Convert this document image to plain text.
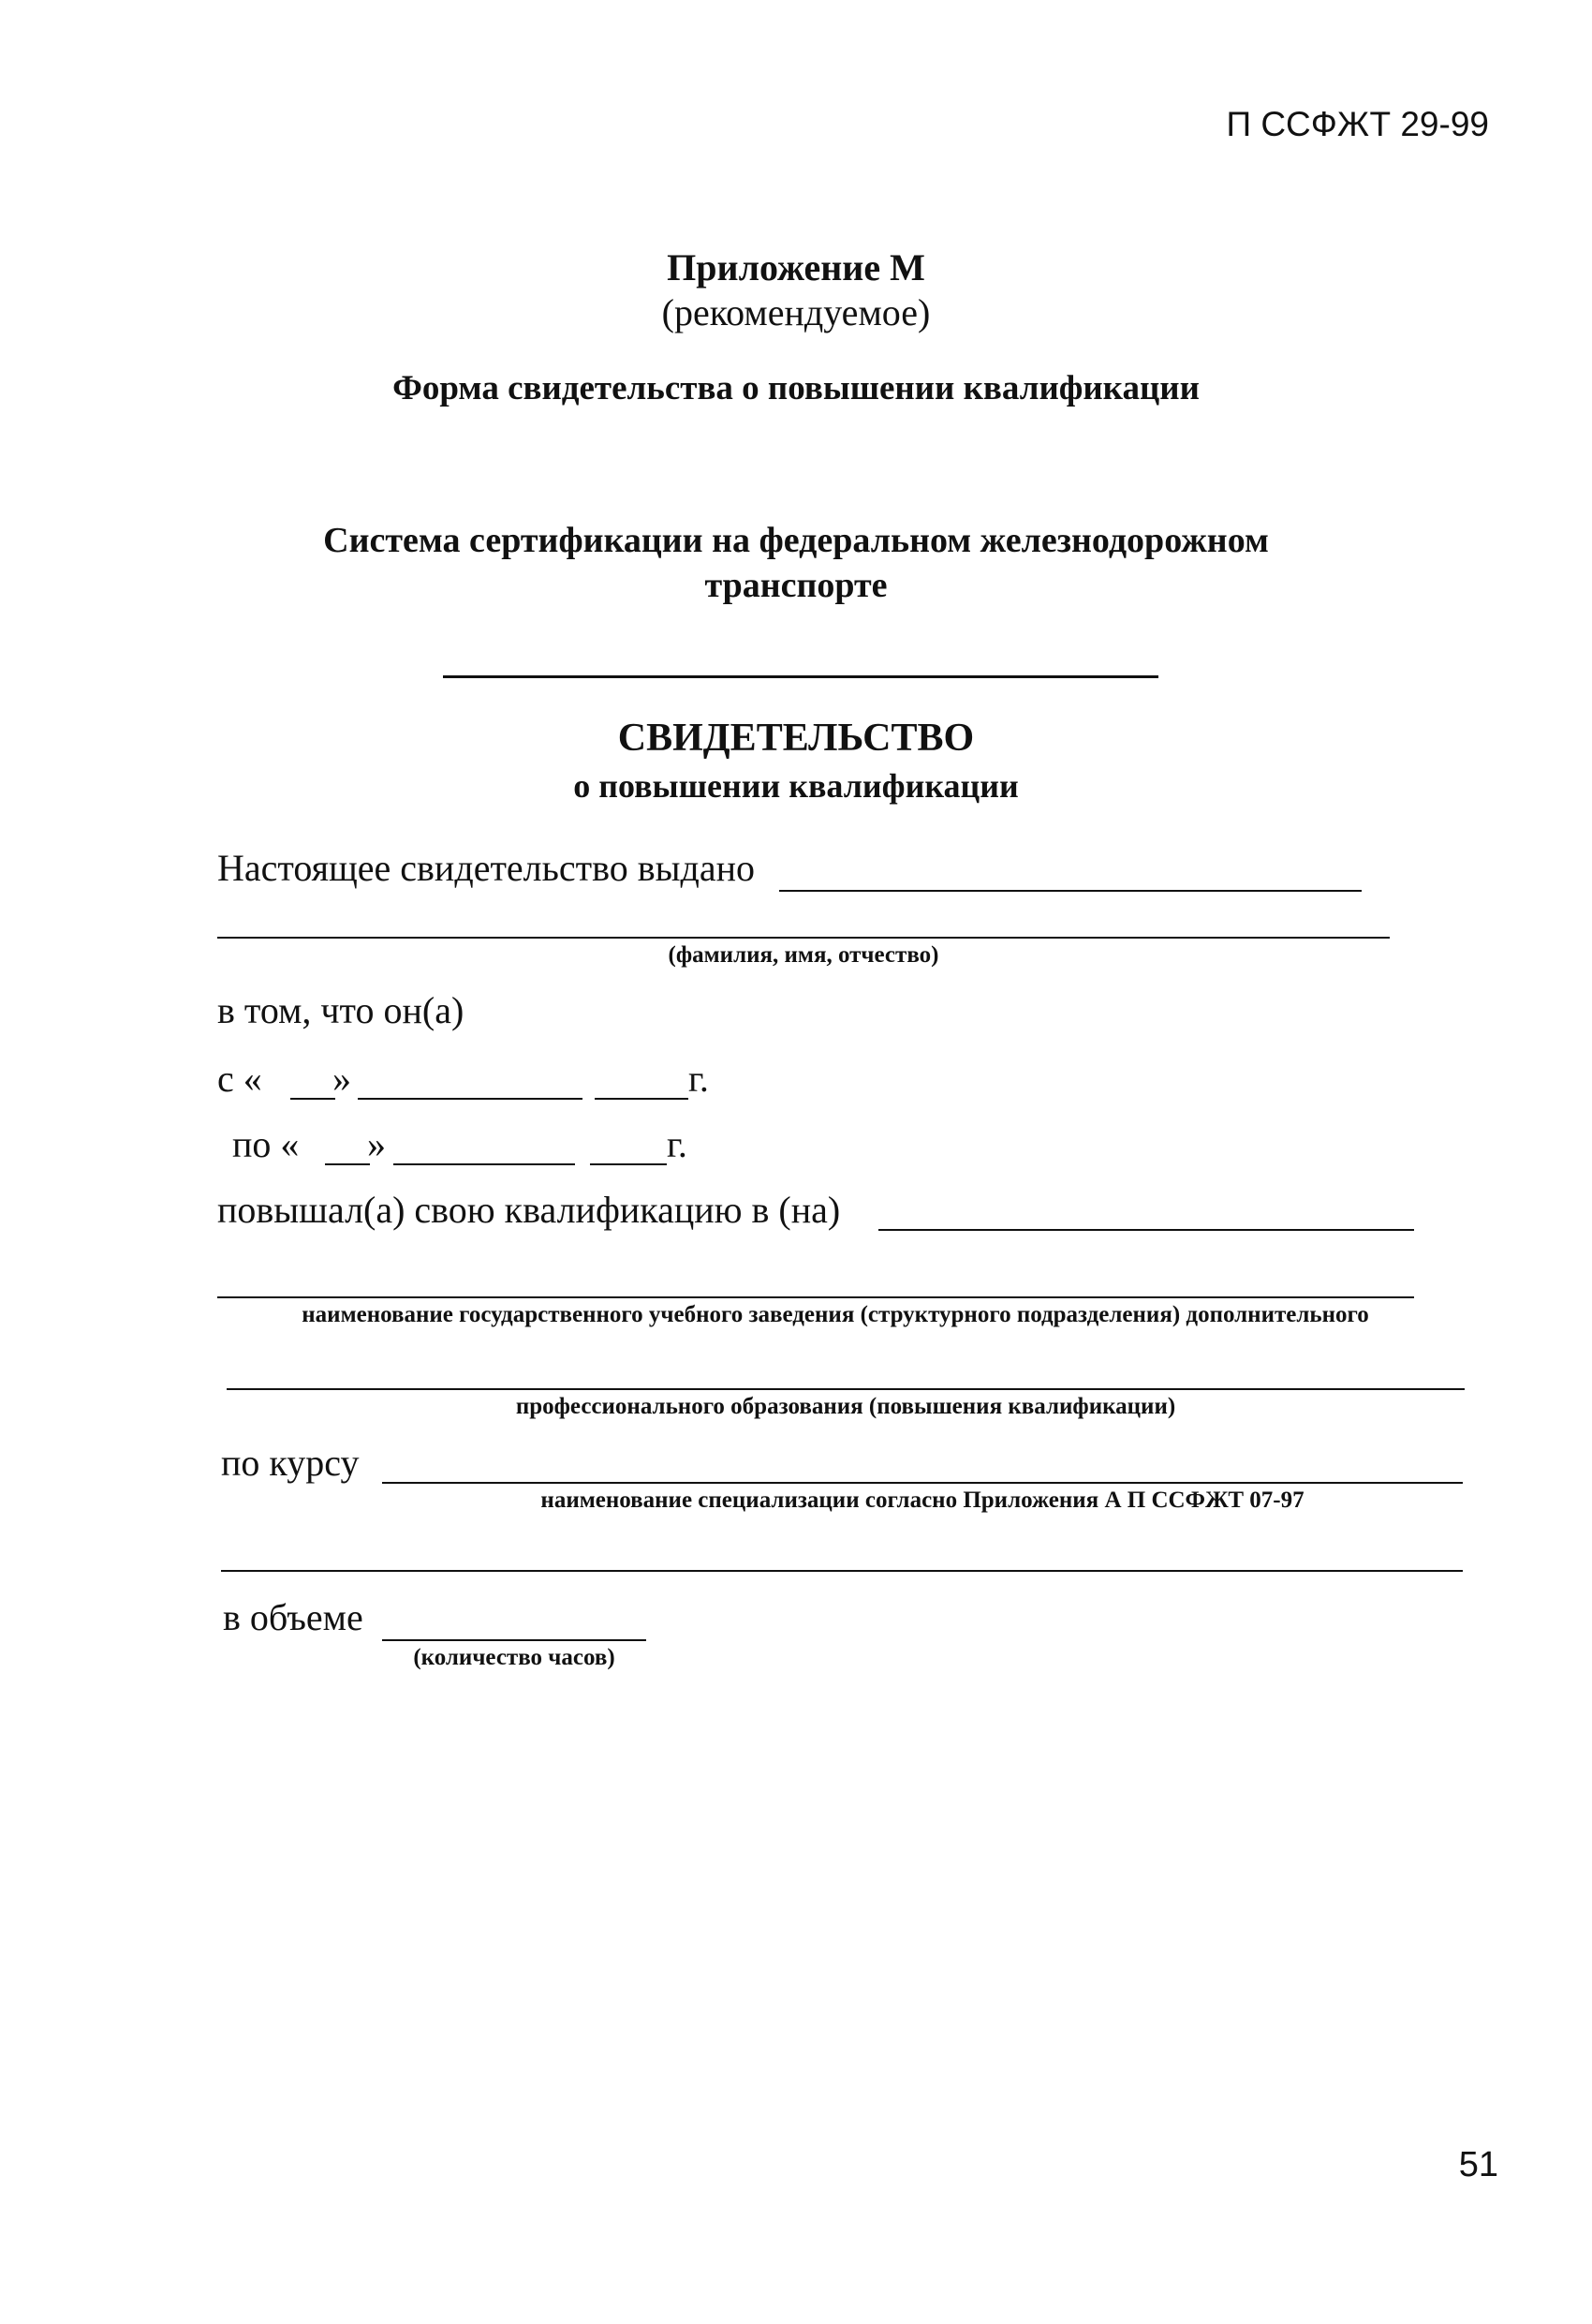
П ССФЖТ 29-99
Приложение М
(рекомендуемое)
Форма свидетельства о повышении квалификации
Система сертификации на федеральном железнодорожном
транспорте
СВИДЕТЕЛЬСТВО
о повышении квалификации
Настоящее свидетельство выдано
(фамилия, имя, отчество)
в том, что он(а)
с « »	г.
по « »	г.
повышал(а) свою квалификацию в (на)
наименование государственного учебного заведения (структурного подразделения) дополнительного
профессионального образования (повышения квалификации)
по курсу
наименование специализации согласно Приложения А П ССФЖТ 07-97
в объеме
(количество часов)
51
